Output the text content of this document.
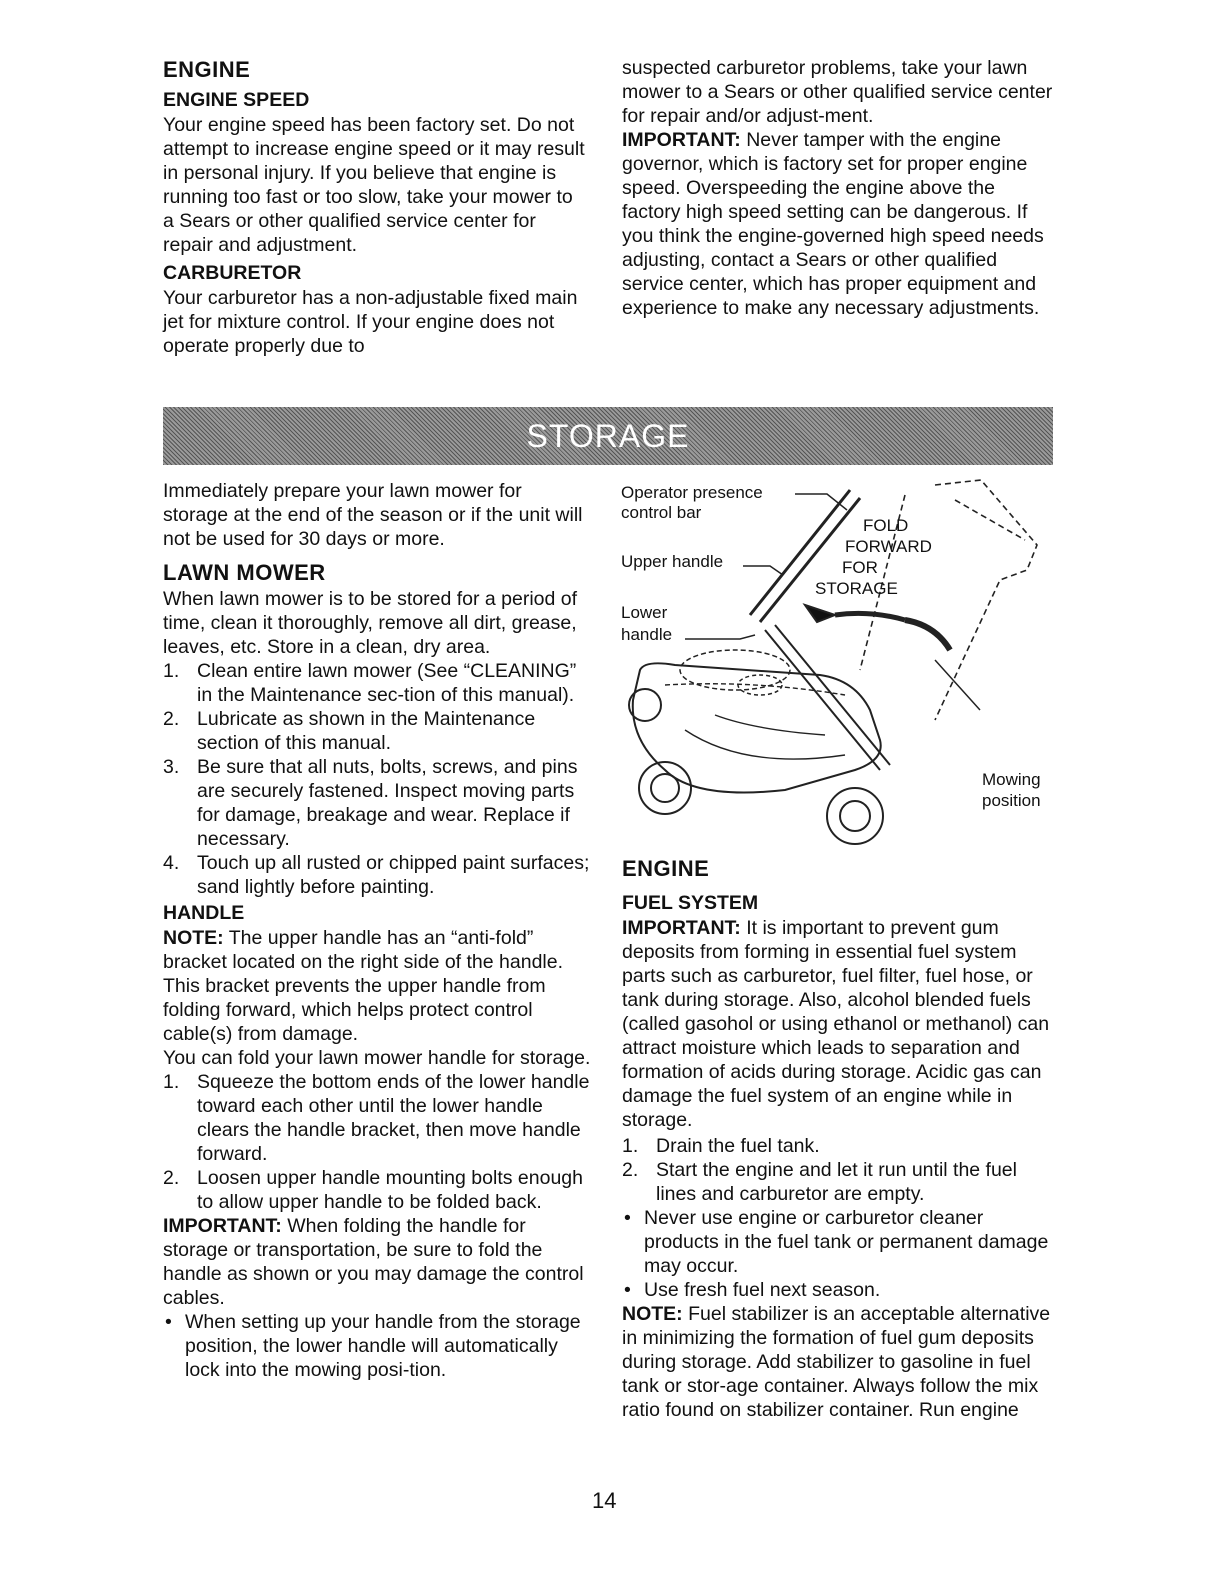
ENGINE
ENGINE SPEED

Your engine speed has been factory set. Do not attempt to increase engine speed or it may result in personal injury. If you believe that engine is running too fast or too slow, take your mower to a Sears or other qualified service center for repair and adjustment.

CARBURETOR

Your carburetor has a non-adjustable fixed main jet for mixture control. If your engine does not operate properly due to

suspected carburetor problems, take your lawn mower to a Sears or other qualified service center for repair and/or adjust-ment.

IMPORTANT: Never tamper with the engine governor, which is factory set for proper engine speed. Overspeeding the engine above the factory high speed setting can be dangerous. If you think the engine-governed high speed needs adjusting, contact a Sears or other qualified service center, which has proper equipment and experience to make any necessary adjustments.

STORAGE

Immediately prepare your lawn mower for storage at the end of the season or if the unit will not be used for 30 days or more.

LAWN MOWER

When lawn mower is to be stored for a period of time, clean it thoroughly, remove all dirt, grease, leaves, etc. Store in a clean, dry area.

1. Clean entire lawn mower (See “CLEANING” in the Maintenance sec-tion of this manual).
2. Lubricate as shown in the Maintenance section of this manual.
3. Be sure that all nuts, bolts, screws, and pins are securely fastened. Inspect moving parts for damage, breakage and wear. Replace if necessary.
4. Touch up all rusted or chipped paint surfaces; sand lightly before painting.
HANDLE

NOTE: The upper handle has an “anti-fold” bracket located on the right side of the handle. This bracket prevents the upper handle from folding forward, which helps protect control cable(s) from damage.

You can fold your lawn mower handle for storage.

1. Squeeze the bottom ends of the lower handle toward each other until the lower handle clears the handle bracket, then move handle forward.
2. Loosen upper handle mounting bolts enough to allow upper handle to be folded back.

IMPORTANT: When folding the handle for storage or transportation, be sure to fold the handle as shown or you may damage the control cables.

• When setting up your handle from the storage position, the lower handle will automatically lock into the mowing posi-tion.
Operator presence
control bar
Upper handle
Lower
handle
FOLD
FORWARD
FOR
STORAGE
Mowing
position
ENGINE
FUEL SYSTEM

IMPORTANT: It is important to prevent gum deposits from forming in essential fuel system parts such as carburetor, fuel filter, fuel hose, or tank during storage. Also, alcohol blended fuels (called gasohol or using ethanol or methanol) can attract moisture which leads to separation and formation of acids during storage. Acidic gas can damage the fuel system of an engine while in storage.

1. Drain the fuel tank.
2. Start the engine and let it run until the fuel lines and carburetor are empty.
• Never use engine or carburetor cleaner products in the fuel tank or permanent damage may occur.
• Use fresh fuel next season.

NOTE: Fuel stabilizer is an acceptable alternative in minimizing the formation of fuel gum deposits during storage. Add stabilizer to gasoline in fuel tank or stor-age container. Always follow the mix ratio found on stabilizer container. Run engine

14
